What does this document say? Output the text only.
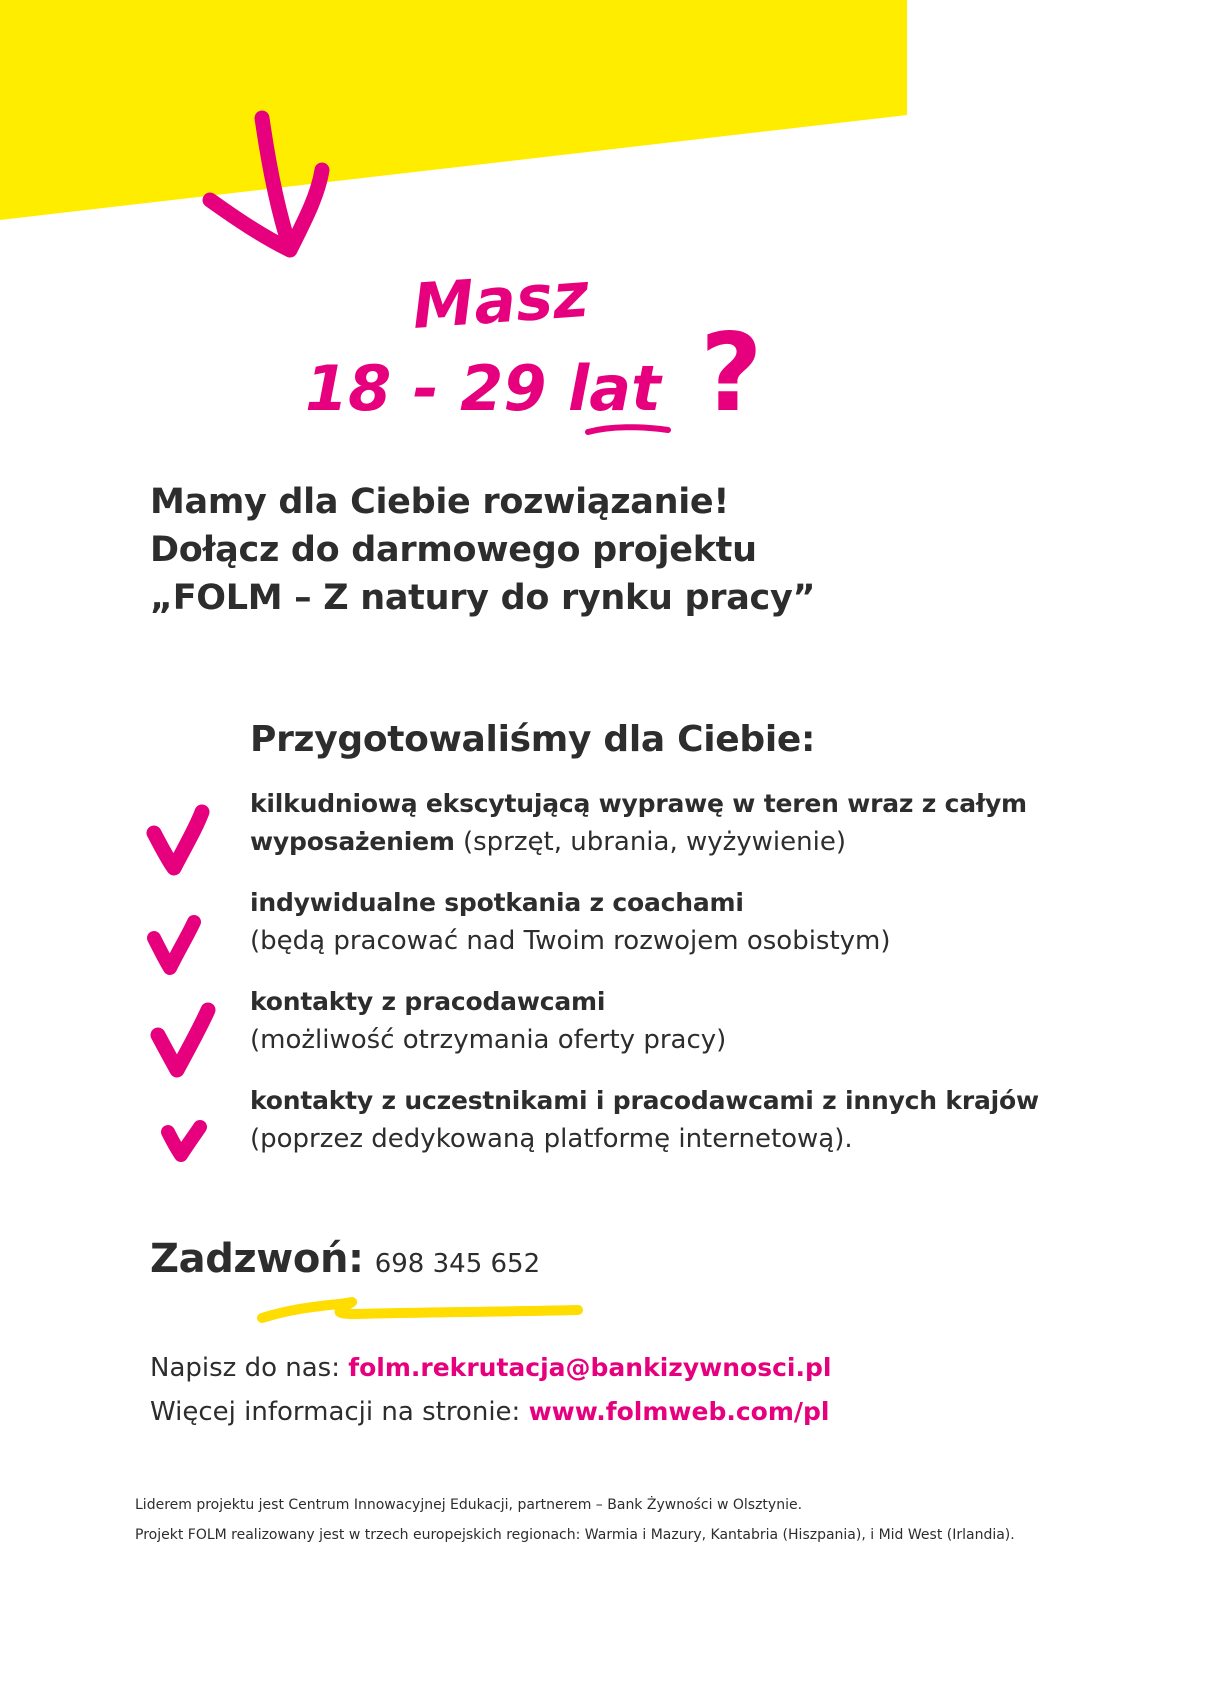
Masz
18 - 29 lat ?
Mamy dla Ciebie rozwiązanie!
Dołącz do darmowego projektu
„FOLM – Z natury do rynku pracy”
Przygotowaliśmy dla Ciebie:
kilkudniową ekscytującą wyprawę w teren wraz z całym
wyposażeniem (sprzęt, ubrania, wyżywienie)
indywidualne spotkania z coachami
(będą pracować nad Twoim rozwojem osobistym)
kontakty z pracodawcami
(możliwość otrzymania oferty pracy)
kontakty z uczestnikami i pracodawcami z innych krajów
(poprzez dedykowaną platformę internetową).
Zadzwoń: 698 345 652
Napisz do nas: folm.rekrutacja@bankizywnosci.pl
Więcej informacji na stronie: www.folmweb.com/pl

Liderem projektu jest Centrum Innowacyjnej Edukacji, partnerem – Bank Żywności w Olsztynie.

Projekt FOLM realizowany jest w trzech europejskich regionach: Warmia i Mazury, Kantabria (Hiszpania), i Mid West (Irlandia).
